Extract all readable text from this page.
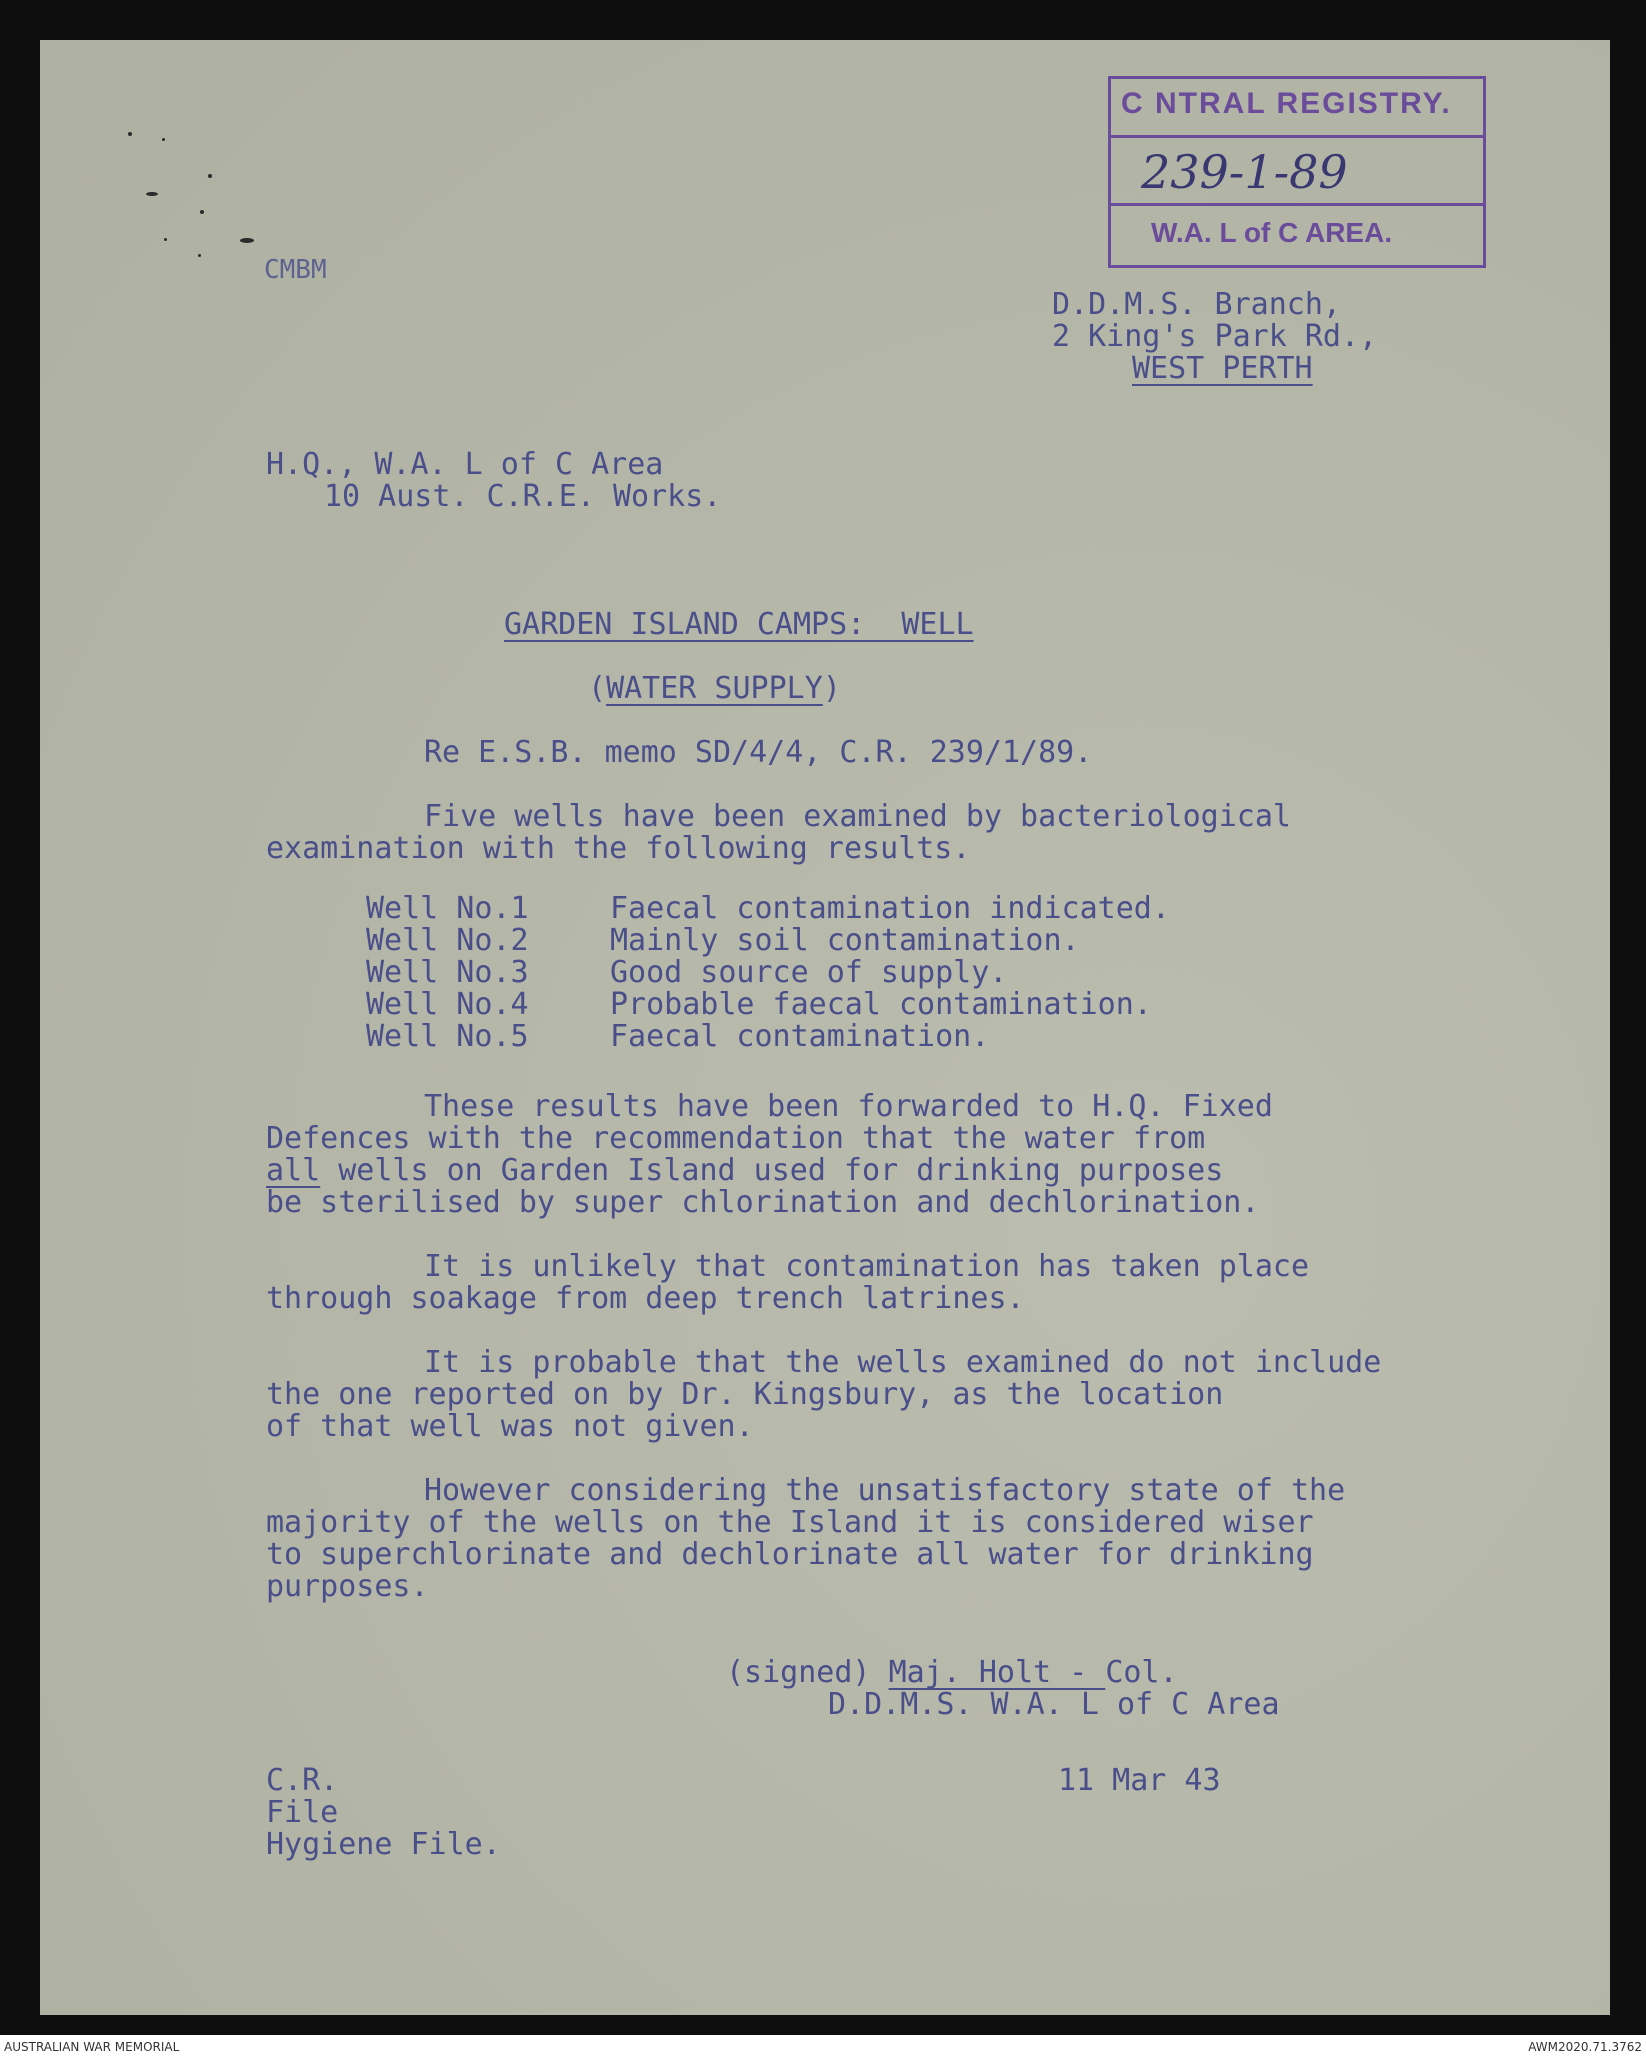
C NTRAL REGISTRY.
239-1-89
W.A. L of C AREA.
CMBM
D.D.M.S. Branch,
2 King's Park Rd.,
WEST PERTH
H.Q., W.A. L of C Area
10 Aust. C.R.E. Works.
GARDEN ISLAND CAMPS:  WELL
(WATER SUPPLY)
Re E.S.B. memo SD/4/4, C.R. 239/1/89.
Five wells have been examined by bacteriological
examination with the following results.
Well No.1	Faecal contamination indicated.
Well No.2	Mainly soil contamination.
Well No.3	Good source of supply.
Well No.4	Probable faecal contamination.
Well No.5	Faecal contamination.
These results have been forwarded to H.Q. Fixed
Defences with the recommendation that the water from
all wells on Garden Island used for drinking purposes
be sterilised by super chlorination and dechlorination.
It is unlikely that contamination has taken place
through soakage from deep trench latrines.
It is probable that the wells examined do not include
the one reported on by Dr. Kingsbury, as the location
of that well was not given.
However considering the unsatisfactory state of the
majority of the wells on the Island it is considered wiser
to superchlorinate and dechlorinate all water for drinking
purposes.
(signed) Maj. Holt - Col.
D.D.M.S. W.A. L of C Area
11 Mar 43
C.R.
File
Hygiene File.
AUSTRALIAN WAR MEMORIAL	AWM2020.71.3762
